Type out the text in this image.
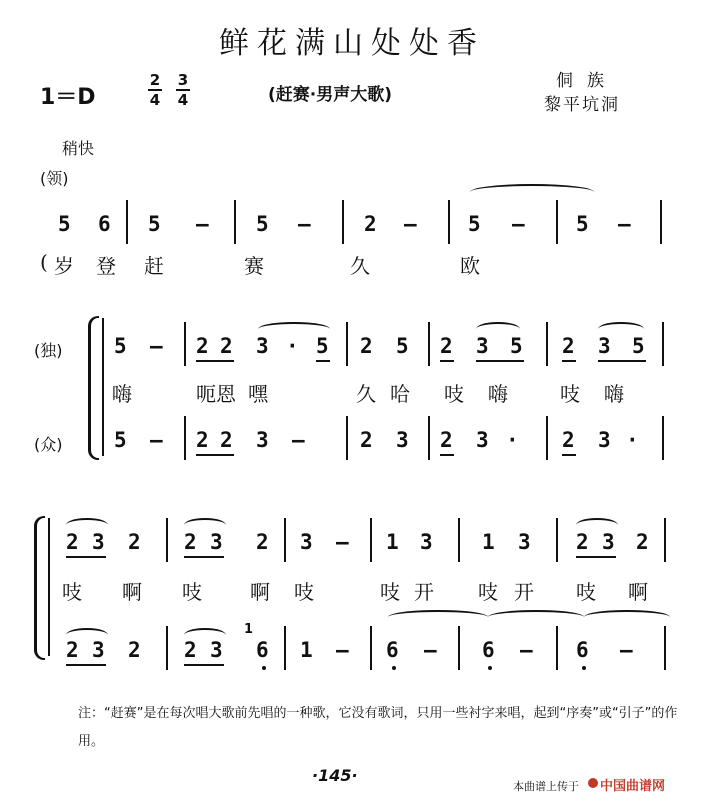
鲜花满山处处香
1＝D
2
4
3
4	(赶赛·男声大歌)
侗族
黎平坑洞
稍快
(领)
5 6 5 — 5 —	2 — 5 — 5 —
( 岁 登 赶	赛	久	欧
(独)
(众)
5 — 2 2 3 · 5 2 5 2 3 5 2 3 5
嗨	呃恩 嘿	久 哈 吱 嗨	吱 嗨
5 — 2 2 3 —	2 3 2 3 · 2 3 ·
2 3 2 2 3 2 3 — 1 3 1 3 2 3 2
吱 啊 吱 啊 吱	吱 开 吱 开 吱 啊
2 3 2 2 3
1
6 1 — 6 — 6 — 6 —
注：“赶赛”是在每次唱大歌前先唱的一种歌，它没有歌词，只用一些衬字来唱，起到“序奏”或“引子”的作用。
·145·
本曲谱上传于 中国曲谱网
